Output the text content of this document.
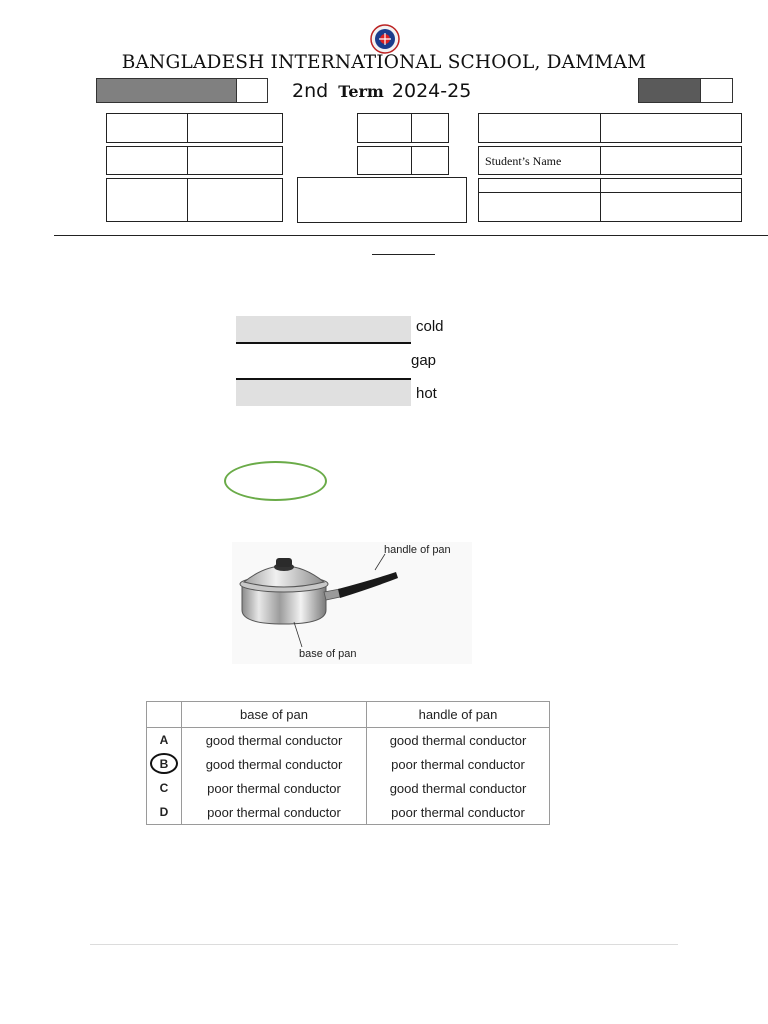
BANGLADESH INTERNATIONAL SCHOOL, DAMMAM
2nd Term 2024-25
Student’s Name
cold
gap
hot
handle of pan
base of pan
	base of pan	handle of pan
A	good thermal conductor	good thermal conductor
B	good thermal conductor	poor thermal conductor
C	poor thermal conductor	good thermal conductor
D	poor thermal conductor	poor thermal conductor
